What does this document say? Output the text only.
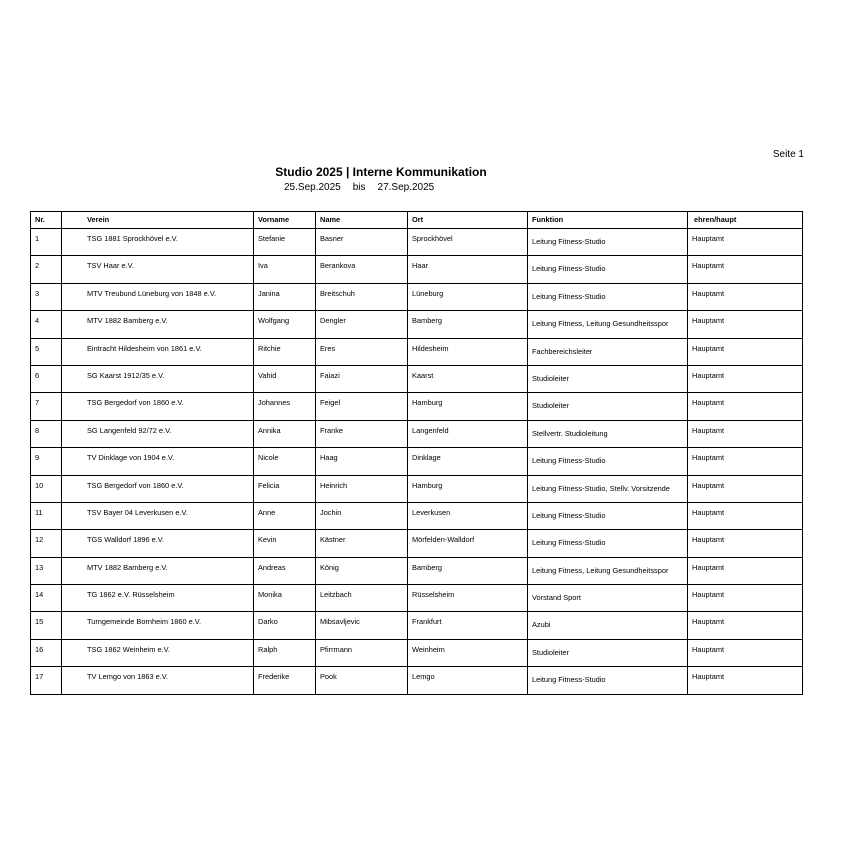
Seite 1
Studio 2025 | Interne Kommunikation
25.Sep.2025 bis 27.Sep.2025
Nr.	Verein	Vorname	Name	Ort	Funktion	ehren/haupt
1	TSG 1881 Sprockhövel e.V.	Stefanie	Basner	Sprockhövel	Leitung Fitness-Studio	Hauptamt
2	TSV Haar e.V.	Iva	Berankova	Haar	Leitung Fitness-Studio	Hauptamt
3	MTV Treubund Lüneburg von 1848 e.V.	Janina	Breitschuh	Lüneburg	Leitung Fitness-Studio	Hauptamt
4	MTV 1882 Bamberg e.V.	Wolfgang	Dengler	Bamberg	Leitung Fitness, Leitung Gesundheitsspor	Hauptamt
5	Eintracht Hildesheim von 1861 e.V.	Ritchie	Eres	Hildesheim	Fachbereichsleiter	Hauptamt
6	SG Kaarst 1912/35 e.V.	Vahid	Faiazi	Kaarst	Studioleiter	Hauptamt
7	TSG Bergedorf von 1860 e.V.	Johannes	Feigel	Hamburg	Studioleiter	Hauptamt
8	SG Langenfeld 92/72 e.V.	Annika	Franke	Langenfeld	Stellvertr. Studioleitung	Hauptamt
9	TV Dinklage von 1904 e.V.	Nicole	Haag	Dinklage	Leitung Fitness-Studio	Hauptamt
10	TSG Bergedorf von 1860 e.V.	Felicia	Heinrich	Hamburg	Leitung Fitness-Studio, Stellv. Vorsitzende	Hauptamt
11	TSV Bayer 04 Leverkusen e.V.	Anne	Jochin	Leverkusen	Leitung Fitness-Studio	Hauptamt
12	TGS Walldorf 1896 e.V.	Kevin	Kästner	Mörfelden-Walldorf	Leitung Fitness-Studio	Hauptamt
13	MTV 1882 Bamberg e.V.	Andreas	König	Bamberg	Leitung Fitness, Leitung Gesundheitsspor	Hauptamt
14	TG 1862 e.V. Rüsselsheim	Monika	Leitzbach	Rüsselsheim	Vorstand Sport	Hauptamt
15	Turngemeinde Bornheim 1860 e.V.	Darko	Mibsavljevic	Frankfurt	Azubi	Hauptamt
16	TSG 1862 Weinheim e.V.	Ralph	Pfirrmann	Weinheim	Studioleiter	Hauptamt
17	TV Lemgo von 1863 e.V.	Frederike	Pook	Lemgo	Leitung Fitness-Studio	Hauptamt
